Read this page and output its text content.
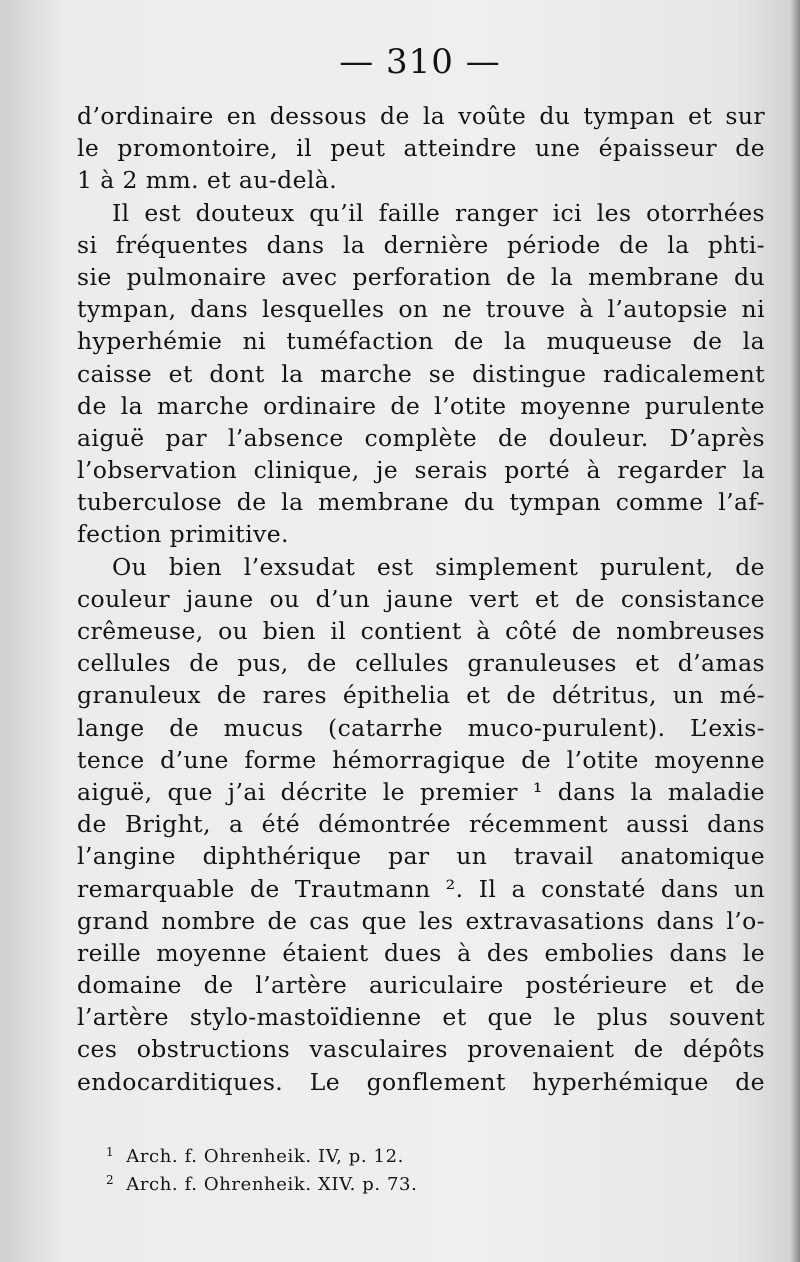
— 310 —
d’ordinaire en dessous de la voûte du tympan et sur
le promontoire, il peut atteindre une épaisseur de
1 à 2 mm. et au-delà.
Il est douteux qu’il faille ranger ici les otorrhées
si fréquentes dans la dernière période de la phti-
sie pulmonaire avec perforation de la membrane du
tympan, dans lesquelles on ne trouve à l’autopsie ni
hyperhémie ni tuméfaction de la muqueuse de la
caisse et dont la marche se distingue radicalement
de la marche ordinaire de l’otite moyenne purulente
aiguë par l’absence complète de douleur. D’après
l’observation clinique, je serais porté à regarder la
tuberculose de la membrane du tympan comme l’af-
fection primitive.
Ou bien l’exsudat est simplement purulent, de
couleur jaune ou d’un jaune vert et de consistance
crêmeuse, ou bien il contient à côté de nombreuses
cellules de pus, de cellules granuleuses et d’amas
granuleux de rares épithelia et de détritus, un mé-
lange de mucus (catarrhe muco-purulent). L’exis-
tence d’une forme hémorragique de l’otite moyenne
aiguë, que j’ai décrite le premier ¹ dans la maladie
de Bright, a été démontrée récemment aussi dans
l’angine diphthérique par un travail anatomique
remarquable de Trautmann ². Il a constaté dans un
grand nombre de cas que les extravasations dans l’o-
reille moyenne étaient dues à des embolies dans le
domaine de l’artère auriculaire postérieure et de
l’artère stylo-mastoïdienne et que le plus souvent
ces obstructions vasculaires provenaient de dépôts
endocarditiques. Le gonflement hyperhémique de
$^1$ Arch. f. Ohrenheik. IV, p. 12.
$^2$ Arch. f. Ohrenheik. XIV. p. 73.
